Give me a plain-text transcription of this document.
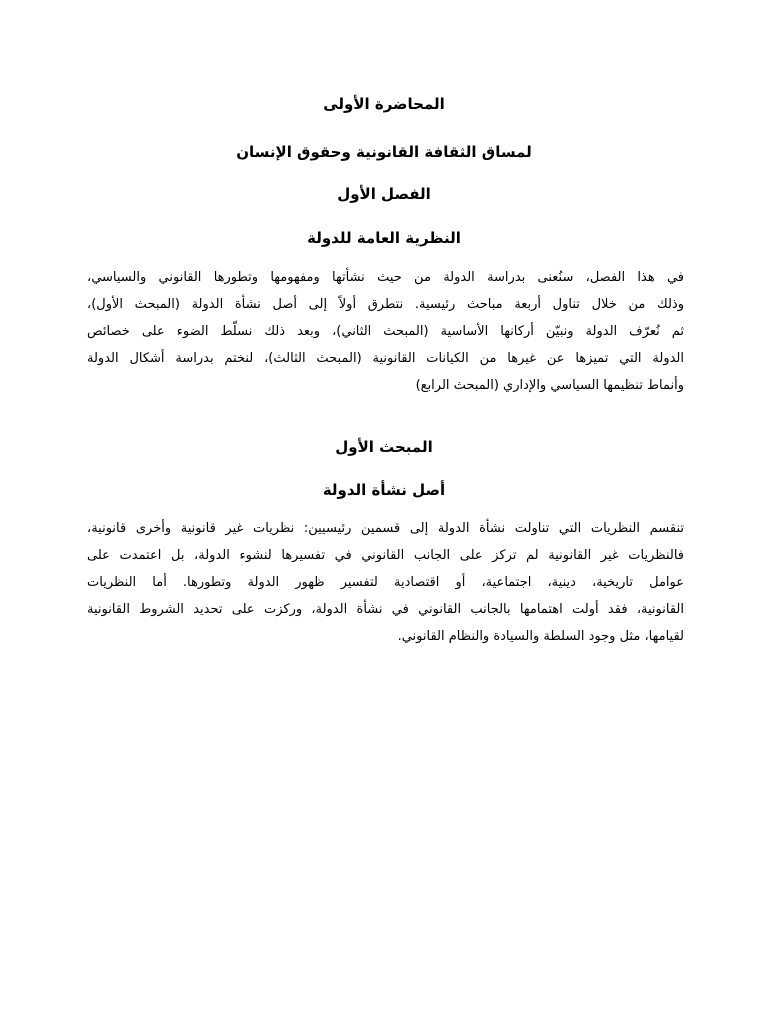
المحاضرة الأولى
لمساق الثقافة القانونية وحقوق الإنسان
الفصل الأول
النظرية العامة للدولة
في هذا الفصل، سنُعنى بدراسة الدولة من حيث نشأتها ومفهومها وتطورها القانوني والسياسي،
وذلك من خلال تناول أربعة مباحث رئيسية. نتطرق أولاً إلى أصل نشأة الدولة (المبحث الأول)،
ثم نُعرّف الدولة ونبيّن أركانها الأساسية (المبحث الثاني)، وبعد ذلك نسلّط الضوء على خصائص
الدولة التي تميزها عن غيرها من الكيانات القانونية (المبحث الثالث)، لنختم بدراسة أشكال الدولة
وأنماط تنظيمها السياسي والإداري (المبحث الرابع)
المبحث الأول
أصل نشأة الدولة
تنقسم النظريات التي تناولت نشأة الدولة إلى قسمين رئيسيين: نظريات غير قانونية وأخرى قانونية،
فالنظريات غير القانونية لم تركز على الجانب القانوني في تفسيرها لنشوء الدولة، بل اعتمدت على
عوامل تاريخية، دينية، اجتماعية، أو اقتصادية لتفسير ظهور الدولة وتطورها. أما النظريات
القانونية، فقد أولت اهتمامها بالجانب القانوني في نشأة الدولة، وركزت على تحديد الشروط القانونية
لقيامها، مثل وجود السلطة والسيادة والنظام القانوني.
